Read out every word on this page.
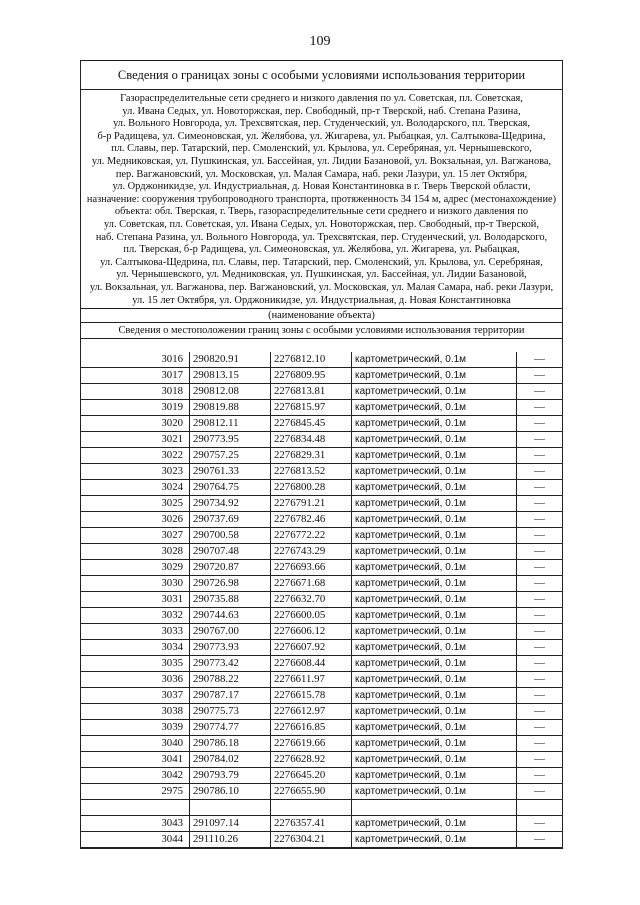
109
Сведения о границах зоны с особыми условиями использования территории
Газораспределительные сети среднего и низкого давления по ул. Советская, пл. Советская,
ул. Ивана Седых, ул. Новоторжская, пер. Свободный, пр-т Тверской, наб. Степана Разина,
ул. Вольного Новгорода, ул. Трехсвятская, пер. Студенческий, ул. Володарского, пл. Тверская,
б-р Радищева, ул. Симеоновская, ул. Желябова, ул. Жигарева, ул. Рыбацкая, ул. Салтыкова-Щедрина,
пл. Славы, пер. Татарский, пер. Смоленский, ул. Крылова, ул. Серебряная, ул. Чернышевского,
ул. Медниковская, ул. Пушкинская, ул. Бассейная, ул. Лидии Базановой, ул. Вокзальная, ул. Вагжанова,
пер. Вагжановский, ул. Московская, ул. Малая Самара, наб. реки Лазури, ул. 15 лет Октября,
ул. Орджоникидзе, ул. Индустриальная, д. Новая Константиновка в г. Тверь Тверской области,
назначение: сооружения трубопроводного транспорта, протяженность 34 154 м, адрес (местонахождение)
объекта: обл. Тверская, г. Тверь, газораспределительные сети среднего и низкого давления по
ул. Советская, пл. Советская, ул. Ивана Седых, ул. Новоторжская, пер. Свободный, пр-т Тверской,
наб. Степана Разина, ул. Вольного Новгорода, ул. Трехсвятская, пер. Студенческий, ул. Володарского,
пл. Тверская, б-р Радищева, ул. Симеоновская, ул. Желябова, ул. Жигарева, ул. Рыбацкая,
ул. Салтыкова-Щедрина, пл. Славы, пер. Татарский, пер. Смоленский, ул. Крылова, ул. Серебряная,
ул. Чернышевского, ул. Медниковская, ул. Пушкинская, ул. Бассейная, ул. Лидии Базановой,
ул. Вокзальная, ул. Вагжанова, пер. Вагжановский, ул. Московская, ул. Малая Самара, наб. реки Лазури,
ул. 15 лет Октября, ул. Орджоникидзе, ул. Индустриальная, д. Новая Константиновка
(наименование объекта)
Сведения о местоположении границ зоны с особыми условиями использования территории
3016	290820.91	2276812.10	картометрический, 0.1м	—
3017	290813.15	2276809.95	картометрический, 0.1м	—
3018	290812.08	2276813.81	картометрический, 0.1м	—
3019	290819.88	2276815.97	картометрический, 0.1м	—
3020	290812.11	2276845.45	картометрический, 0.1м	—
3021	290773.95	2276834.48	картометрический, 0.1м	—
3022	290757.25	2276829.31	картометрический, 0.1м	—
3023	290761.33	2276813.52	картометрический, 0.1м	—
3024	290764.75	2276800.28	картометрический, 0.1м	—
3025	290734.92	2276791.21	картометрический, 0.1м	—
3026	290737.69	2276782.46	картометрический, 0.1м	—
3027	290700.58	2276772.22	картометрический, 0.1м	—
3028	290707.48	2276743.29	картометрический, 0.1м	—
3029	290720.87	2276693.66	картометрический, 0.1м	—
3030	290726.98	2276671.68	картометрический, 0.1м	—
3031	290735.88	2276632.70	картометрический, 0.1м	—
3032	290744.63	2276600.05	картометрический, 0.1м	—
3033	290767.00	2276606.12	картометрический, 0.1м	—
3034	290773.93	2276607.92	картометрический, 0.1м	—
3035	290773.42	2276608.44	картометрический, 0.1м	—
3036	290788.22	2276611.97	картометрический, 0.1м	—
3037	290787.17	2276615.78	картометрический, 0.1м	—
3038	290775.73	2276612.97	картометрический, 0.1м	—
3039	290774.77	2276616.85	картометрический, 0.1м	—
3040	290786.18	2276619.66	картометрический, 0.1м	—
3041	290784.02	2276628.92	картометрический, 0.1м	—
3042	290793.79	2276645.20	картометрический, 0.1м	—
2975	290786.10	2276655.90	картометрический, 0.1м	—

3043	291097.14	2276357.41	картометрический, 0.1м	—
3044	291110.26	2276304.21	картометрический, 0.1м	—
